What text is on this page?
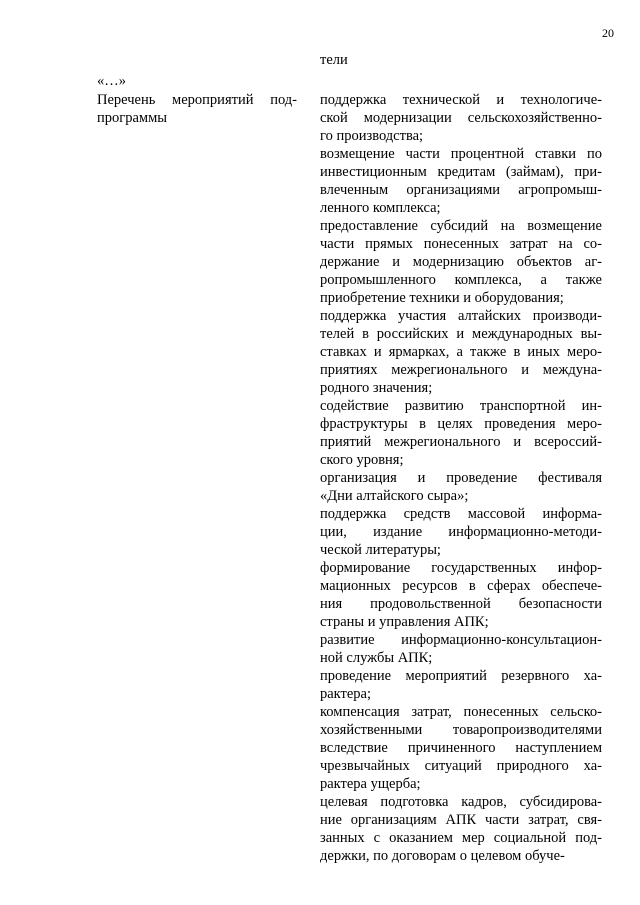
20
тели
«…»
Перечень мероприятий под-
программы
поддержка технической и технологиче-
ской модернизации сельскохозяйственно-
го производства;
возмещение части процентной ставки по
инвестиционным кредитам (займам), при-
влеченным организациями агропромыш-
ленного комплекса;
предоставление субсидий на возмещение
части прямых понесенных затрат на со-
держание и модернизацию объектов аг-
ропромышленного комплекса, а также
приобретение техники и оборудования;
поддержка участия алтайских производи-
телей в российских и международных вы-
ставках и ярмарках, а также в иных меро-
приятиях межрегионального и междуна-
родного значения;
содействие развитию транспортной ин-
фраструктуры в целях проведения меро-
приятий межрегионального и всероссий-
ского уровня;
организация и проведение фестиваля
«Дни алтайского сыра»;
поддержка средств массовой информа-
ции, издание информационно-методи-
ческой литературы;
формирование государственных инфор-
мационных ресурсов в сферах обеспече-
ния продовольственной безопасности
страны и управления АПК;
развитие информационно-консультацион-
ной службы АПК;
проведение мероприятий резервного ха-
рактера;
компенсация затрат, понесенных сельско-
хозяйственными товаропроизводителями
вследствие причиненного наступлением
чрезвычайных ситуаций природного ха-
рактера ущерба;
целевая подготовка кадров, субсидирова-
ние организациям АПК части затрат, свя-
занных с оказанием мер социальной под-
держки, по договорам о целевом обуче-
